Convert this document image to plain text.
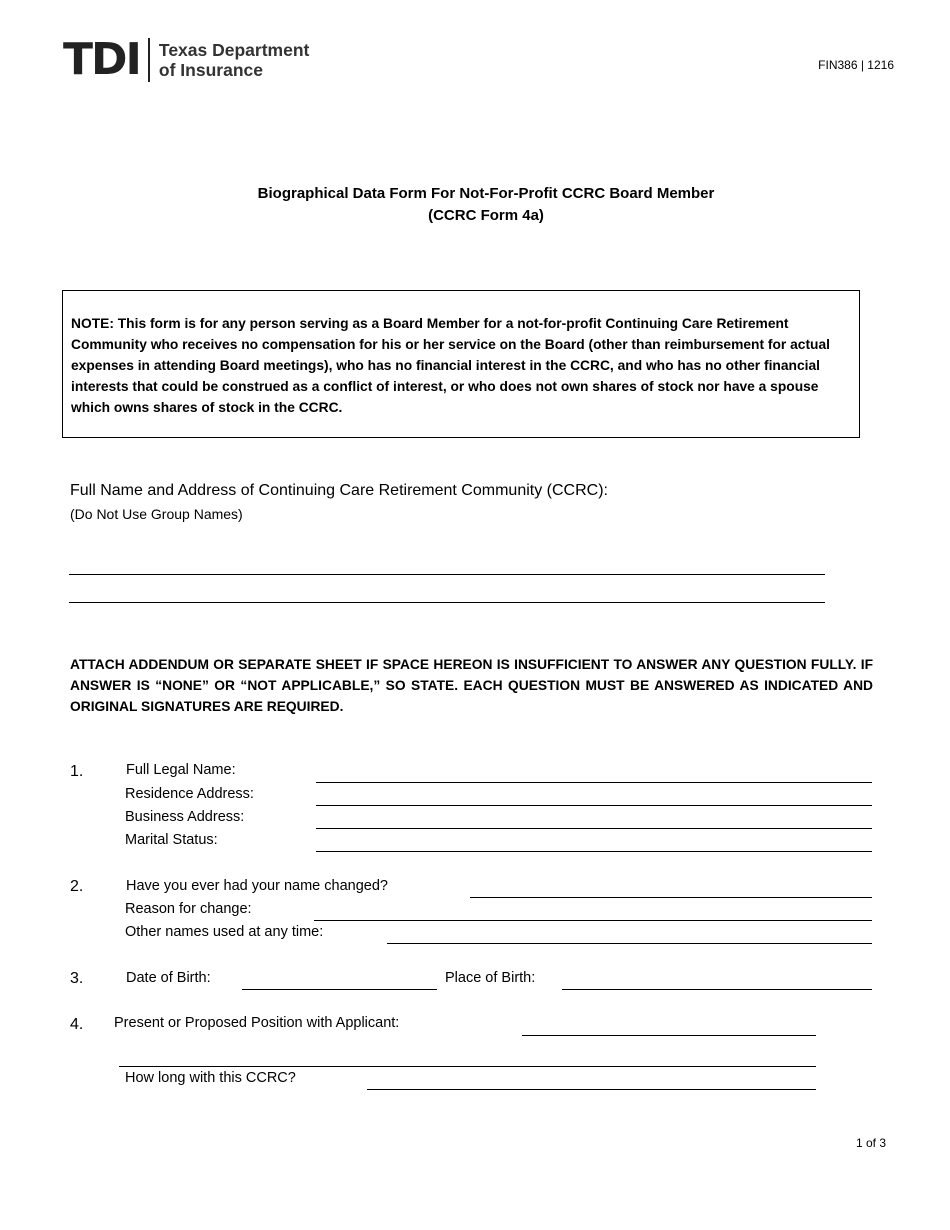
TDI Texas Department
of Insurance	FIN386 | 1216
Biographical Data Form For Not-For-Profit CCRC Board Member
(CCRC Form 4a)
NOTE: This form is for any person serving as a Board Member for a not-for-profit Continuing Care Retirement Community who receives no compensation for his or her service on the Board (other than reimbursement for actual expenses in attending Board meetings), who has no financial interest in the CCRC, and who has no other financial interests that could be construed as a conflict of interest, or who does not own shares of stock nor have a spouse which owns shares of stock in the CCRC.
Full Name and Address of Continuing Care Retirement Community (CCRC):
(Do Not Use Group Names)
ATTACH ADDENDUM OR SEPARATE SHEET IF SPACE HEREON IS INSUFFICIENT TO ANSWER ANY QUESTION FULLY. IF ANSWER IS “NONE” OR “NOT APPLICABLE,” SO STATE. EACH QUESTION MUST BE ANSWERED AS INDICATED AND ORIGINAL SIGNATURES ARE REQUIRED.
1.	Full Legal Name:
Residence Address:
Business Address:
Marital Status:
2.	Have you ever had your name changed?
Reason for change:
Other names used at any time:
3.	Date of Birth:	Place of Birth:
4. Present or Proposed Position with Applicant:
How long with this CCRC?
1 of 3
